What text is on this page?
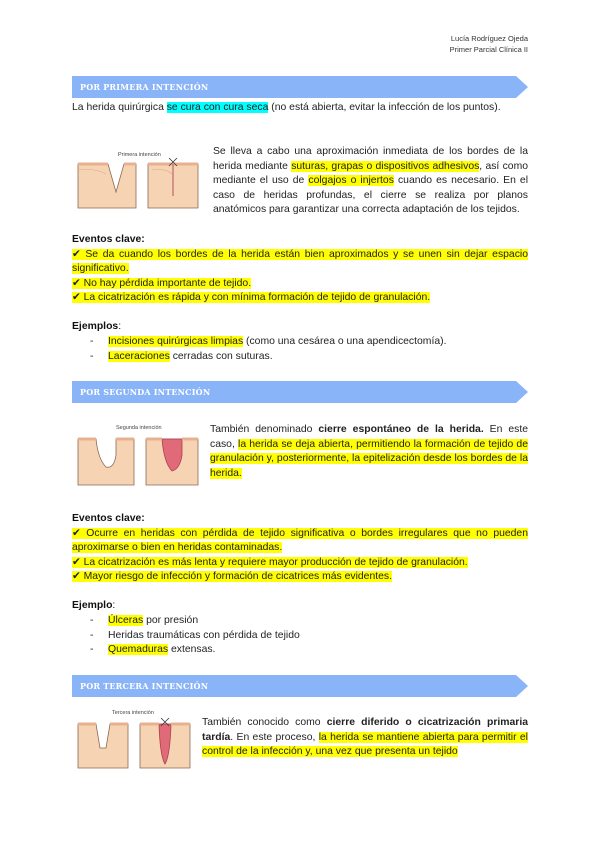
Lucía Rodríguez Ojeda
Primer Parcial Clínica II
POR PRIMERA INTENCIÓN
La herida quirúrgica se cura con cura seca (no está abierta, evitar la infección de los puntos).
Primera intención	Se lleva a cabo una aproximación inmediata de los bordes de la herida mediante suturas, grapas o dispositivos adhesivos, así como mediante el uso de colgajos o injertos cuando es necesario. En el caso de heridas profundas, el cierre se realiza por planos anatómicos para garantizar una correcta adaptación de los tejidos.
Eventos clave:
✔ Se da cuando los bordes de la herida están bien aproximados y se unen sin dejar espacio significativo.
✔ No hay pérdida importante de tejido.
✔ La cicatrización es rápida y con mínima formación de tejido de granulación.
Ejemplos:
- Incisiones quirúrgicas limpias (como una cesárea o una apendicectomía).
- Laceraciones cerradas con suturas.
POR SEGUNDA INTENCIÓN
Segunda intención	También denominado cierre espontáneo de la herida. En este caso, la herida se deja abierta, permitiendo la formación de tejido de granulación y, posteriormente, la epitelización desde los bordes de la herida.
Eventos clave:
✔ Ocurre en heridas con pérdida de tejido significativa o bordes irregulares que no pueden aproximarse o bien en heridas contaminadas.
✔ La cicatrización es más lenta y requiere mayor producción de tejido de granulación.
✔ Mayor riesgo de infección y formación de cicatrices más evidentes.
Ejemplo:
- Úlceras por presión
- Heridas traumáticas con pérdida de tejido
- Quemaduras extensas.
POR TERCERA INTENCIÓN
Tercera intención
También conocido como cierre diferido o cicatrización primaria tardía. En este proceso, la herida se mantiene abierta para permitir el control de la infección y, una vez que presenta un tejido
